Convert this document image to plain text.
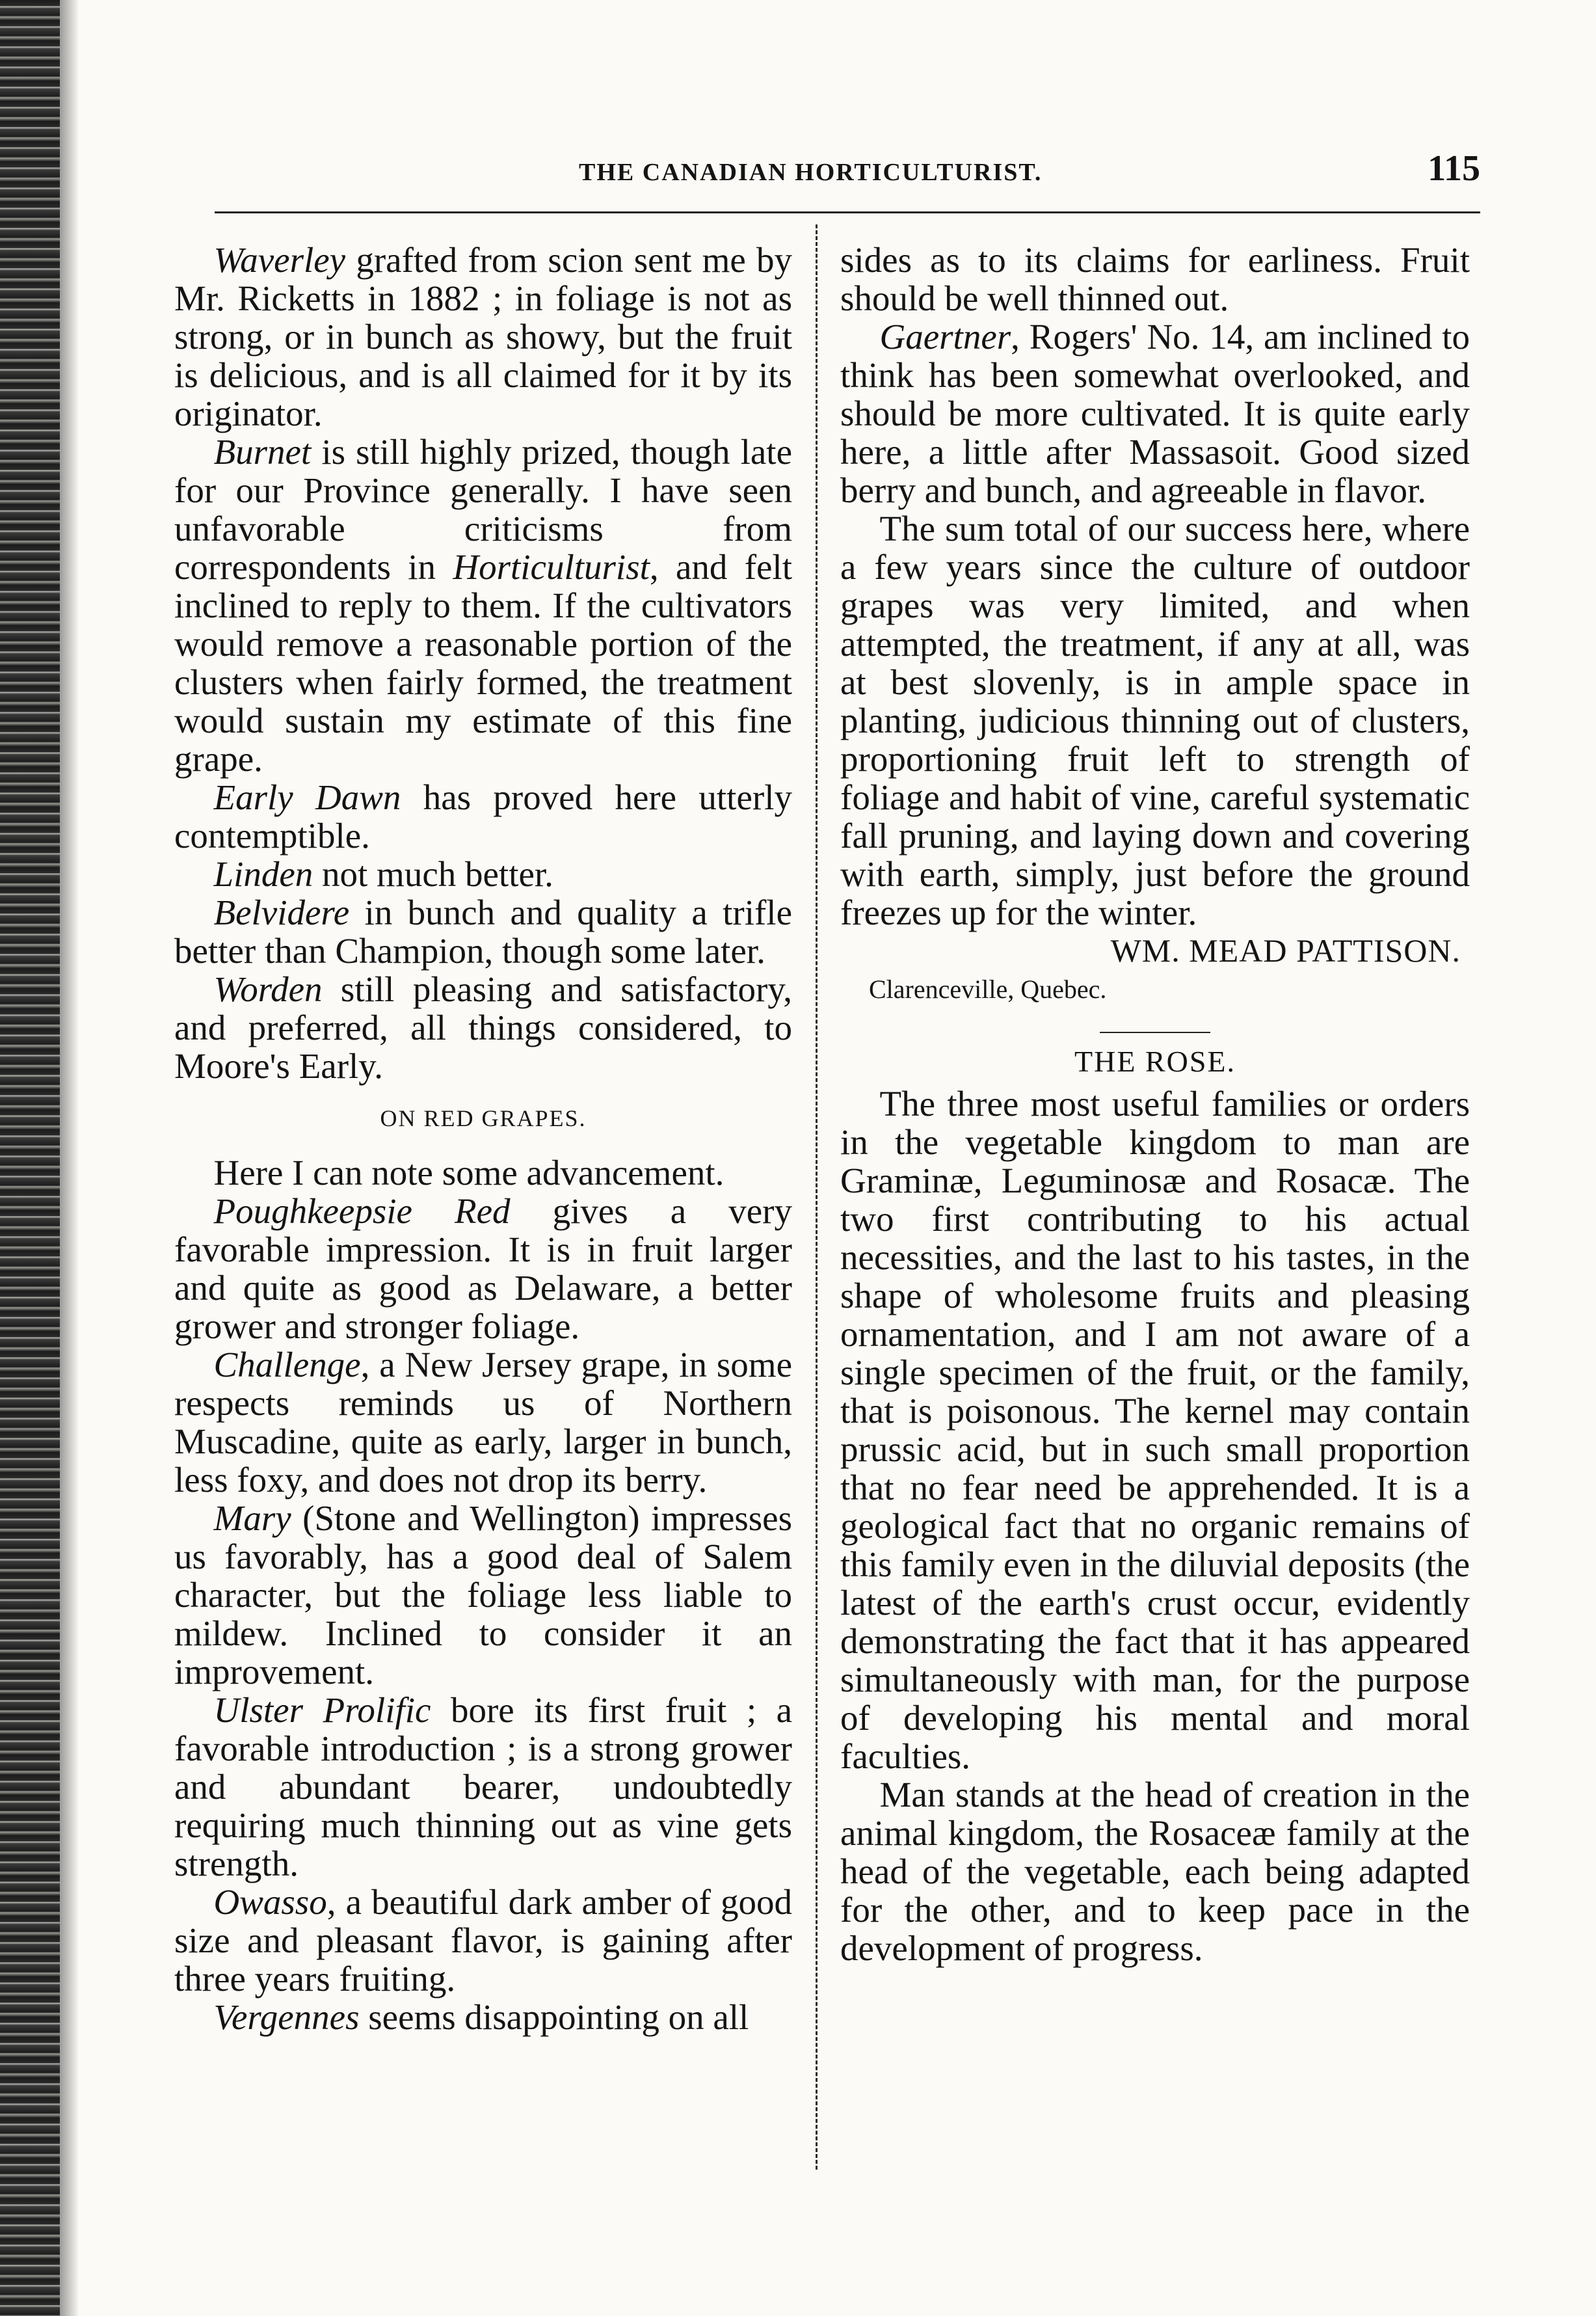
THE CANADIAN HORTICULTURIST.	115

Waverley grafted from scion sent me by Mr. Ricketts in 1882 ; in foliage is not as strong, or in bunch as showy, but the fruit is delicious, and is all claimed for it by its originator.

Burnet is still highly prized, though late for our Province generally. I have seen unfavorable criticisms from correspondents in Horticulturist, and felt inclined to reply to them. If the cultivators would remove a reasonable portion of the clusters when fairly formed, the treatment would sustain my estimate of this fine grape.

Early Dawn has proved here utterly contemptible.

Linden not much better.

Belvidere in bunch and quality a trifle better than Champion, though some later.

Worden still pleasing and satisfactory, and preferred, all things considered, to Moore's Early.

ON RED GRAPES.

Here I can note some advancement.

Poughkeepsie Red gives a very favorable impression. It is in fruit larger and quite as good as Delaware, a better grower and stronger foliage.

Challenge, a New Jersey grape, in some respects reminds us of Northern Muscadine, quite as early, larger in bunch, less foxy, and does not drop its berry.

Mary (Stone and Wellington) impresses us favorably, has a good deal of Salem character, but the foliage less liable to mildew. Inclined to consider it an improvement.

Ulster Prolific bore its first fruit ; a favorable introduction ; is a strong grower and abundant bearer, undoubtedly requiring much thinning out as vine gets strength.

Owasso, a beautiful dark amber of good size and pleasant flavor, is gaining after three years fruiting.

Vergennes seems disappointing on all

sides as to its claims for earliness. Fruit should be well thinned out.

Gaertner, Rogers' No. 14, am inclined to think has been somewhat overlooked, and should be more cultivated. It is quite early here, a little after Massasoit. Good sized berry and bunch, and agreeable in flavor.

The sum total of our success here, where a few years since the culture of outdoor grapes was very limited, and when attempted, the treatment, if any at all, was at best slovenly, is in ample space in planting, judicious thinning out of clusters, proportioning fruit left to strength of foliage and habit of vine, careful systematic fall pruning, and laying down and covering with earth, simply, just before the ground freezes up for the winter.

WM. MEAD PATTISON.

Clarenceville, Quebec.

THE ROSE.

The three most useful families or orders in the vegetable kingdom to man are Graminæ, Leguminosæ and Rosacæ. The two first contributing to his actual necessities, and the last to his tastes, in the shape of wholesome fruits and pleasing ornamentation, and I am not aware of a single specimen of the fruit, or the family, that is poisonous. The kernel may contain prussic acid, but in such small proportion that no fear need be apprehended. It is a geological fact that no organic remains of this family even in the diluvial deposits (the latest of the earth's crust occur, evidently demonstrating the fact that it has appeared simultaneously with man, for the purpose of developing his mental and moral faculties.

Man stands at the head of creation in the animal kingdom, the Rosaceæ family at the head of the vegetable, each being adapted for the other, and to keep pace in the development of progress.
